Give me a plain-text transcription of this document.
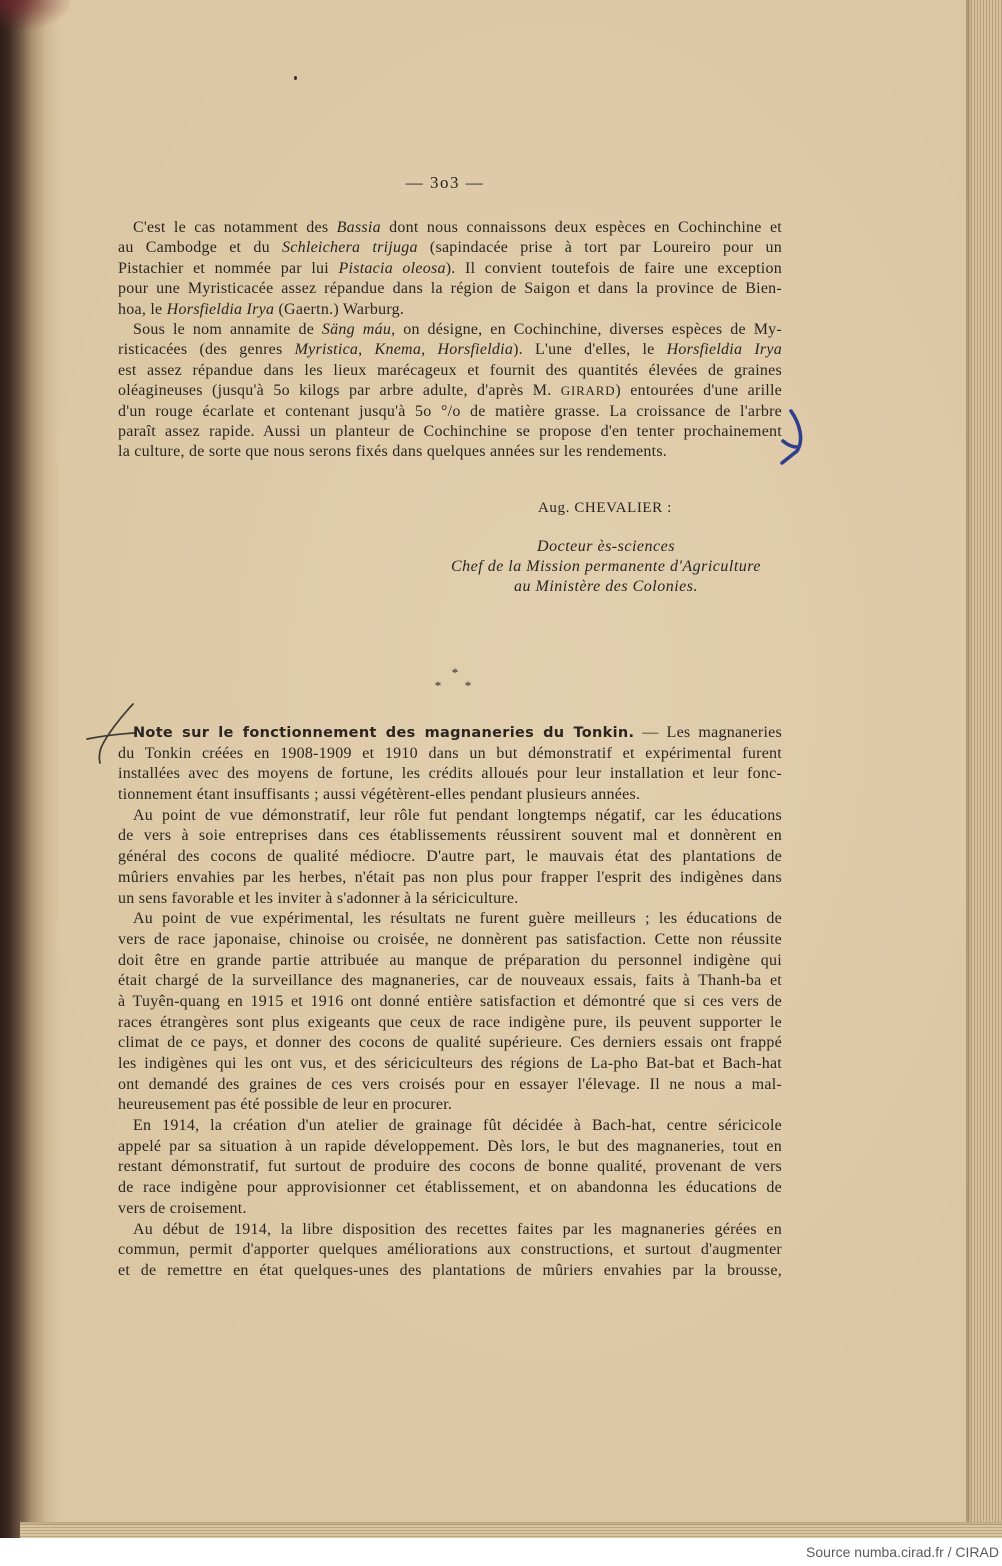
— 3o3 —
C'est le cas notamment des Bassia dont nous connaissons deux espèces en Cochinchine et
au Cambodge et du Schleichera trijuga (sapindacée prise à tort par Loureiro pour un
Pistachier et nommée par lui Pistacia oleosa). Il convient toutefois de faire une exception
pour une Myristicacée assez répandue dans la région de Saigon et dans la province de Bien-
hoa, le Horsfieldia Irya (Gaertn.) Warburg.
Sous le nom annamite de Säng máu, on désigne, en Cochinchine, diverses espèces de My-
risticacées (des genres Myristica, Knema, Horsfieldia). L'une d'elles, le Horsfieldia Irya
est assez répandue dans les lieux marécageux et fournit des quantités élevées de graines
oléagineuses (jusqu'à 5o kilogs par arbre adulte, d'après M. GIRARD) entourées d'une arille
d'un rouge écarlate et contenant jusqu'à 5o °/o de matière grasse. La croissance de l'arbre
paraît assez rapide. Aussi un planteur de Cochinchine se propose d'en tenter prochainement
la culture, de sorte que nous serons fixés dans quelques années sur les rendements.
Aug. CHEVALIER :
Docteur ès-sciences
Chef de la Mission permanente d'Agriculture
au Ministère des Colonies.
*
* *
Note sur le fonctionnement des magnaneries du Tonkin. — Les magnaneries
du Tonkin créées en 1908-1909 et 1910 dans un but démonstratif et expérimental furent
installées avec des moyens de fortune, les crédits alloués pour leur installation et leur fonc-
tionnement étant insuffisants ; aussi végétèrent-elles pendant plusieurs années.
Au point de vue démonstratif, leur rôle fut pendant longtemps négatif, car les éducations
de vers à soie entreprises dans ces établissements réussirent souvent mal et donnèrent en
général des cocons de qualité médiocre. D'autre part, le mauvais état des plantations de
mûriers envahies par les herbes, n'était pas non plus pour frapper l'esprit des indigènes dans
un sens favorable et les inviter à s'adonner à la sériciculture.
Au point de vue expérimental, les résultats ne furent guère meilleurs ; les éducations de
vers de race japonaise, chinoise ou croisée, ne donnèrent pas satisfaction. Cette non réussite
doit être en grande partie attribuée au manque de préparation du personnel indigène qui
était chargé de la surveillance des magnaneries, car de nouveaux essais, faits à Thanh-ba et
à Tuyên-quang en 1915 et 1916 ont donné entière satisfaction et démontré que si ces vers de
races étrangères sont plus exigeants que ceux de race indigène pure, ils peuvent supporter le
climat de ce pays, et donner des cocons de qualité supérieure. Ces derniers essais ont frappé
les indigènes qui les ont vus, et des sériciculteurs des régions de La-pho Bat-bat et Bach-hat
ont demandé des graines de ces vers croisés pour en essayer l'élevage. Il ne nous a mal-
heureusement pas été possible de leur en procurer.
En 1914, la création d'un atelier de grainage fût décidée à Bach-hat, centre séricicole
appelé par sa situation à un rapide développement. Dès lors, le but des magnaneries, tout en
restant démonstratif, fut surtout de produire des cocons de bonne qualité, provenant de vers
de race indigène pour approvisionner cet établissement, et on abandonna les éducations de
vers de croisement.
Au début de 1914, la libre disposition des recettes faites par les magnaneries gérées en
commun, permit d'apporter quelques améliorations aux constructions, et surtout d'augmenter
et de remettre en état quelques-unes des plantations de mûriers envahies par la brousse,
Source numba.cirad.fr / CIRAD
